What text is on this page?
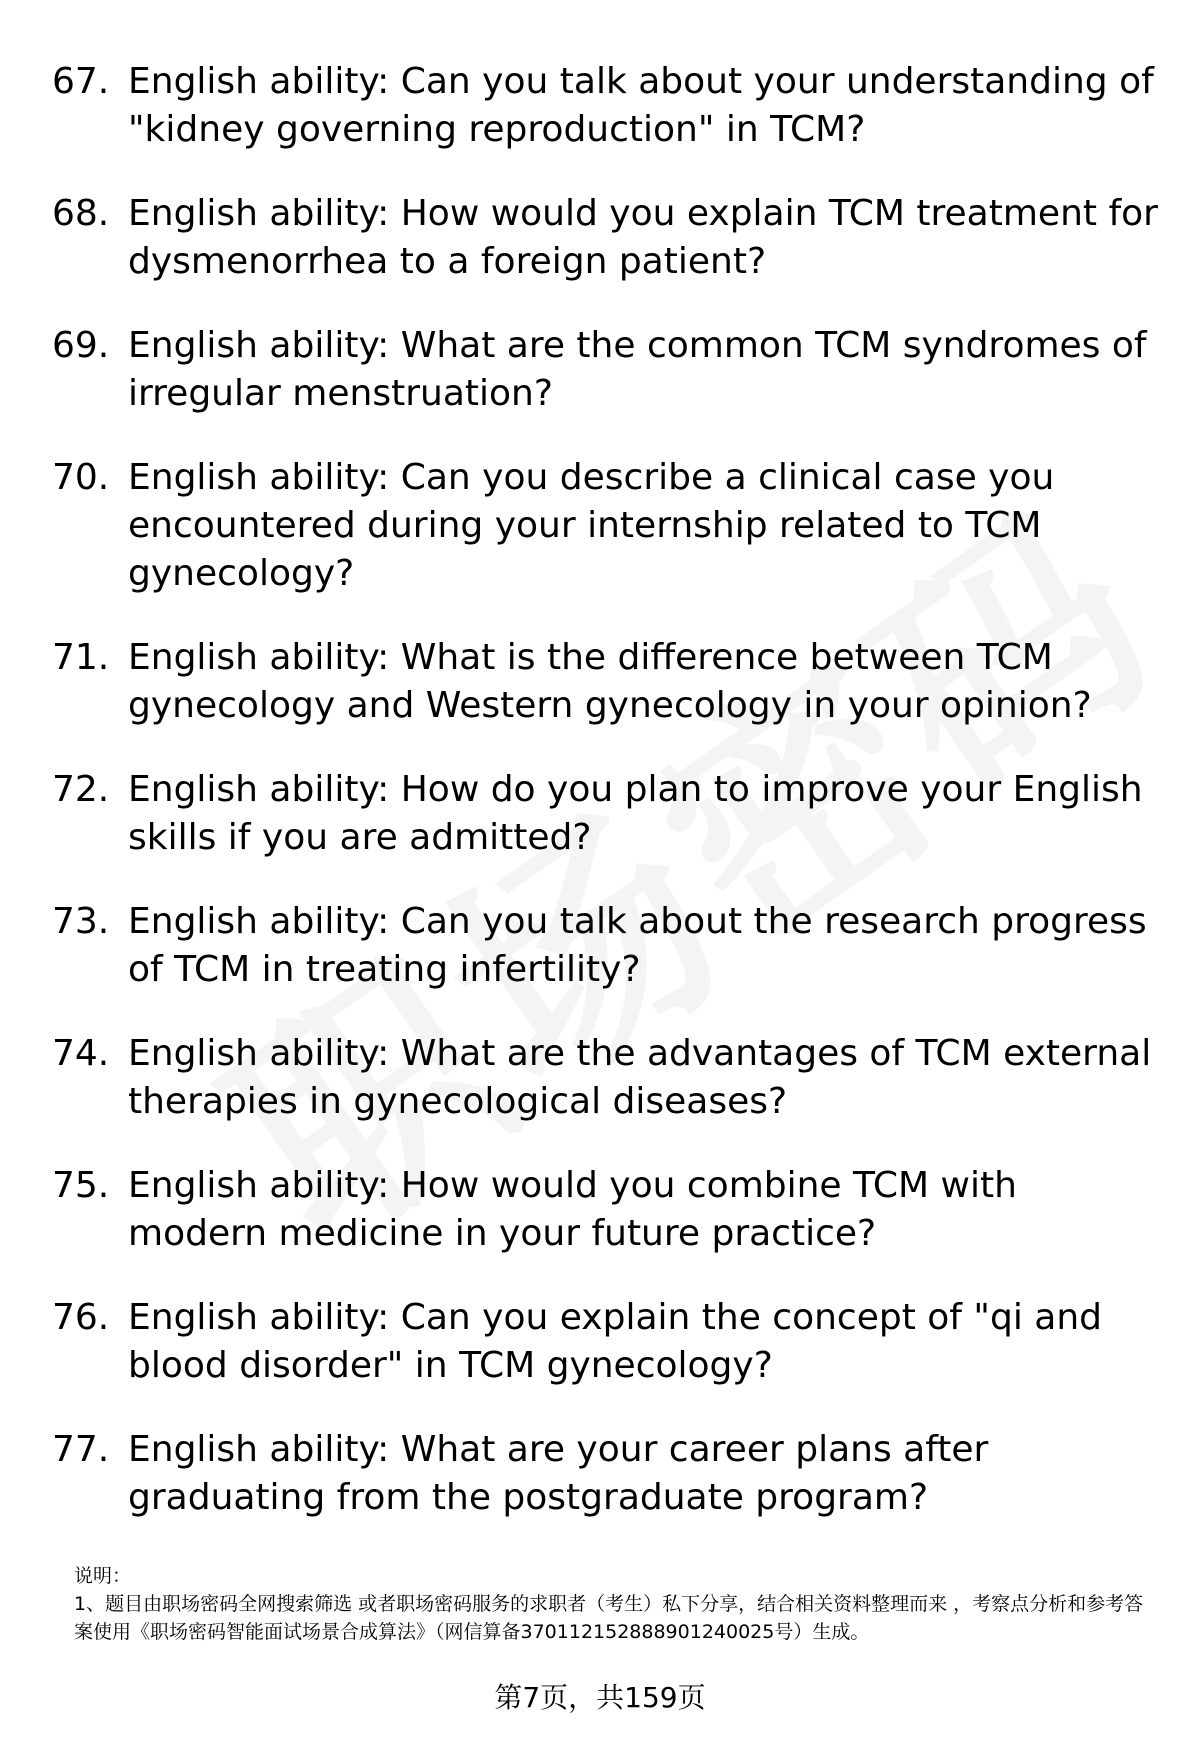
67. English ability: Can you talk about your understanding of "kidney governing reproduction" in TCM?
68. English ability: How would you explain TCM treatment for dysmenorrhea to a foreign patient?
69. English ability: What are the common TCM syndromes of irregular menstruation?
70. English ability: Can you describe a clinical case you encountered during your internship related to TCM gynecology?
71. English ability: What is the difference between TCM gynecology and Western gynecology in your opinion?
72. English ability: How do you plan to improve your English skills if you are admitted?
73. English ability: Can you talk about the research progress of TCM in treating infertility?
74. English ability: What are the advantages of TCM external therapies in gynecological diseases?
75. English ability: How would you combine TCM with modern medicine in your future practice?
76. English ability: Can you explain the concept of "qi and blood disorder" in TCM gynecology?
77. English ability: What are your career plans after graduating from the postgraduate program?
说明：
1、题目由职场密码全网搜索筛选 或者职场密码服务的求职者（考生）私下分享，结合相关资料整理而来 ，考察点分析和参考答案使用《职场密码智能面试场景合成算法》（网信算备370112152888901240025号）生成。
第7页，共159页
